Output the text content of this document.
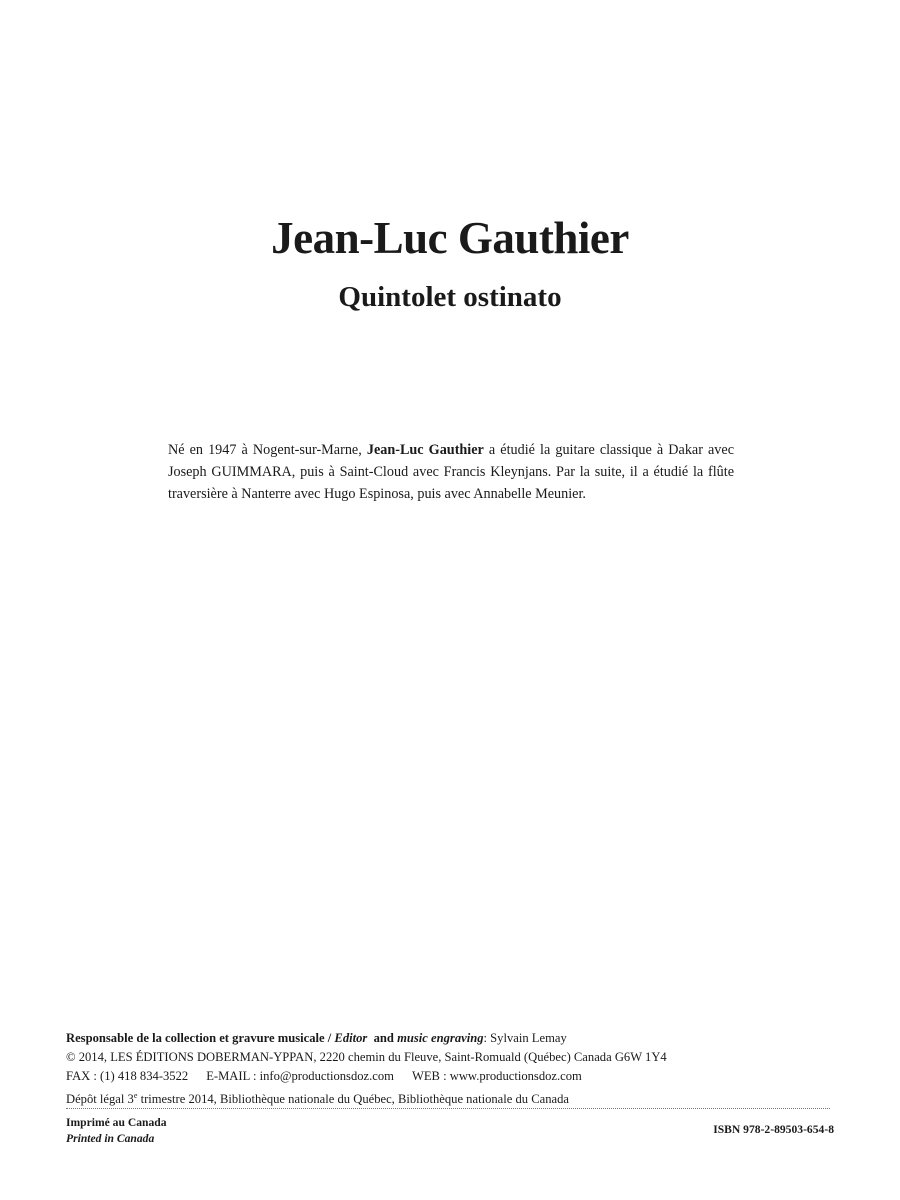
Jean-Luc Gauthier
Quintolet ostinato

Né en 1947 à Nogent-sur-Marne, Jean-Luc Gauthier a étudié la guitare classique à Dakar avec Joseph GUIMMARA, puis à Saint-Cloud avec Francis Kleynjans. Par la suite, il a étudié la flûte traversière à Nanterre avec Hugo Espinosa, puis avec Annabelle Meunier.

Responsable de la collection et gravure musicale / Editor and music engraving: Sylvain Lemay
© 2014, LES ÉDITIONS DOBERMAN-YPPAN, 2220 chemin du Fleuve, Saint-Romuald (Québec) Canada G6W 1Y4
FAX : (1) 418 834-3522 E-MAIL : info@productionsdoz.com WEB : www.productionsdoz.com
Dépôt légal 3e trimestre 2014, Bibliothèque nationale du Québec, Bibliothèque nationale du Canada
Imprimé au Canada
Printed in Canada
ISBN 978-2-89503-654-8
